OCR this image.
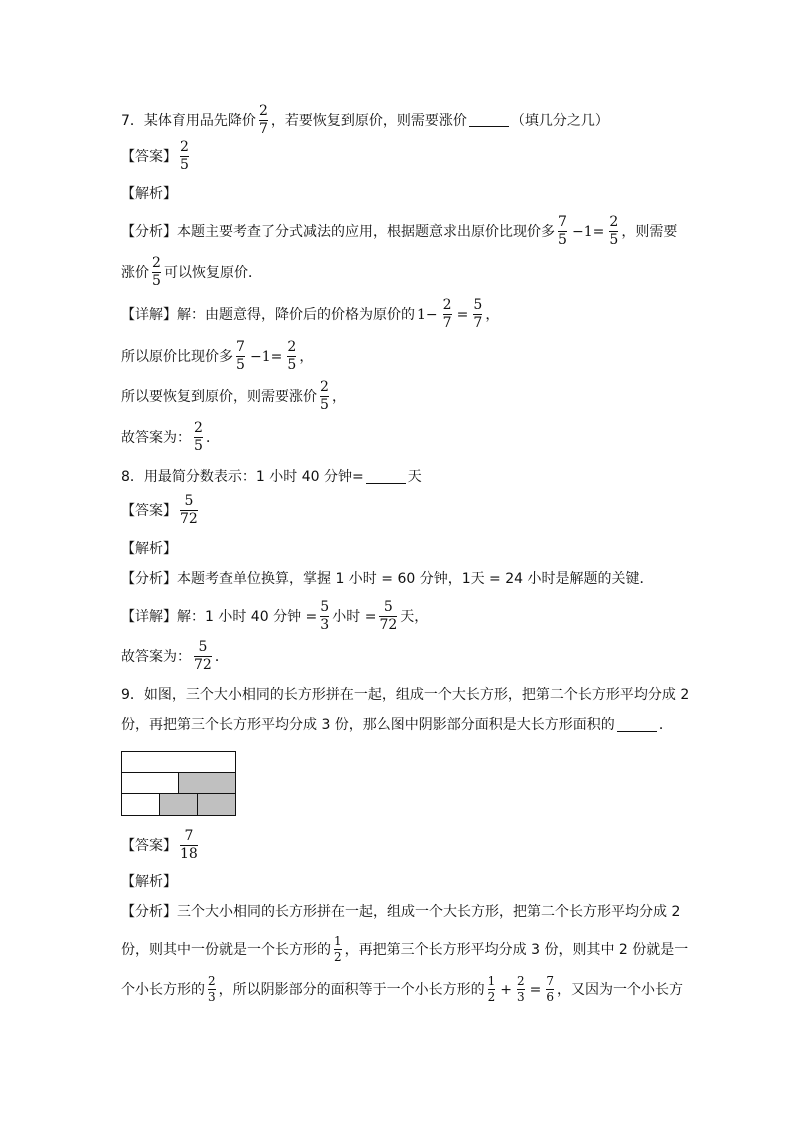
7．某体育用品先降价 $\frac{2}{7}$ ，若要恢复到原价，则需要涨价	（填几分之几）
【答案】 $\frac{2}{5}$
【解析】
【分析】 本题主要考查了分式减法的应用，根据题意求出原价比现价多 $\frac{7}{5} -1= \frac{2}{5}$ ，则需要
涨价 $\frac{2}{5}$ 可以恢复原价．
【详解】 解：由题意得，降价后的价格为原价的 $1- \frac{2}{7} = \frac{5}{7}$ ，
所以原价比现价多 $\frac{7}{5} -1= \frac{2}{5}$ ，
所以要恢复到原价，则需要涨价 $\frac{2}{5}$ ，
故答案为： $\frac{2}{5}$ ．
8．用最简分数表示：1 小时 40 分钟=	天
【答案】 $\frac{5}{72}$
【解析】
【分析】 本题考查单位换算，掌握 1 小时 = 60 分钟，1天 = 24 小时是解题的关键．
【详解】 解：1 小时 40 分钟 = $\frac{5}{3}$ 小时 = $\frac{5}{72}$ 天，
故答案为： $\frac{5}{72}$ ．
9．如图，三个大小相同的长方形拼在一起，组成一个大长方形，把第二个长方形平均分成 2
份，再把第三个长方形平均分成 3 份，那么图中阴影部分面积是大长方形面积的	．
【答案】 $\frac{7}{18}$
【解析】
【分析】 三个大小相同的长方形拼在一起，组成一个大长方形，把第二个长方形平均分成 2
份，则其中一份就是一个长方形的 $\frac{1}{2}$ ，再把第三个长方形平均分成 3 份，则其中 2 份就是一
个小长方形的 $\frac{2}{3}$ ，所以阴影部分的面积等于一个小长方形的 $\frac{1}{2} + \frac{2}{3} = \frac{7}{6}$ ，又因为一个小长方
